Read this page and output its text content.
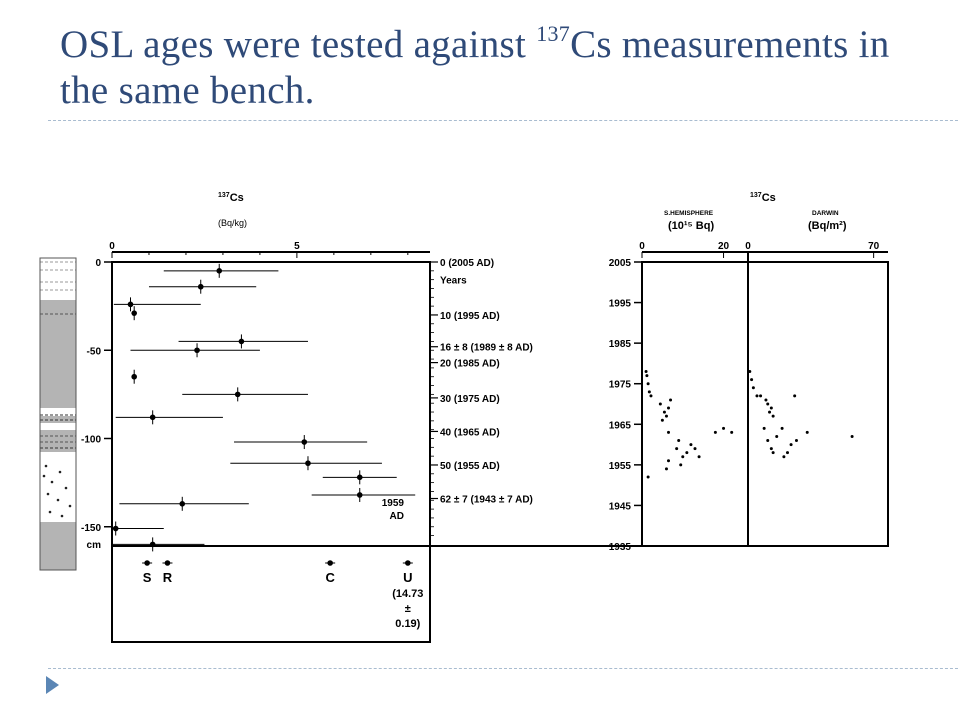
OSL ages were tested against $^{137}$Cs measurements in the same bench.
0	5
$^{137}$Cs
(Bq/kg)
0
-50
-100
-150
cm
0 (2005 AD)
Years
10 (1995 AD)
16 ± 8 (1989 ± 8 AD)
20 (1985 AD)
30 (1975 AD)
40 (1965 AD)
50 (1955 AD)
62 ± 7 (1943 ± 7 AD)
1959
AD
S R	C	U
(14.73
±
0.19)
2005
1995
1985
1975
1965
1955
1945
1935
$^{137}$Cs
0	20
S.HEMISPHERE
(10¹⁵ Bq)
0	70
DARWIN
(Bq/m²)
